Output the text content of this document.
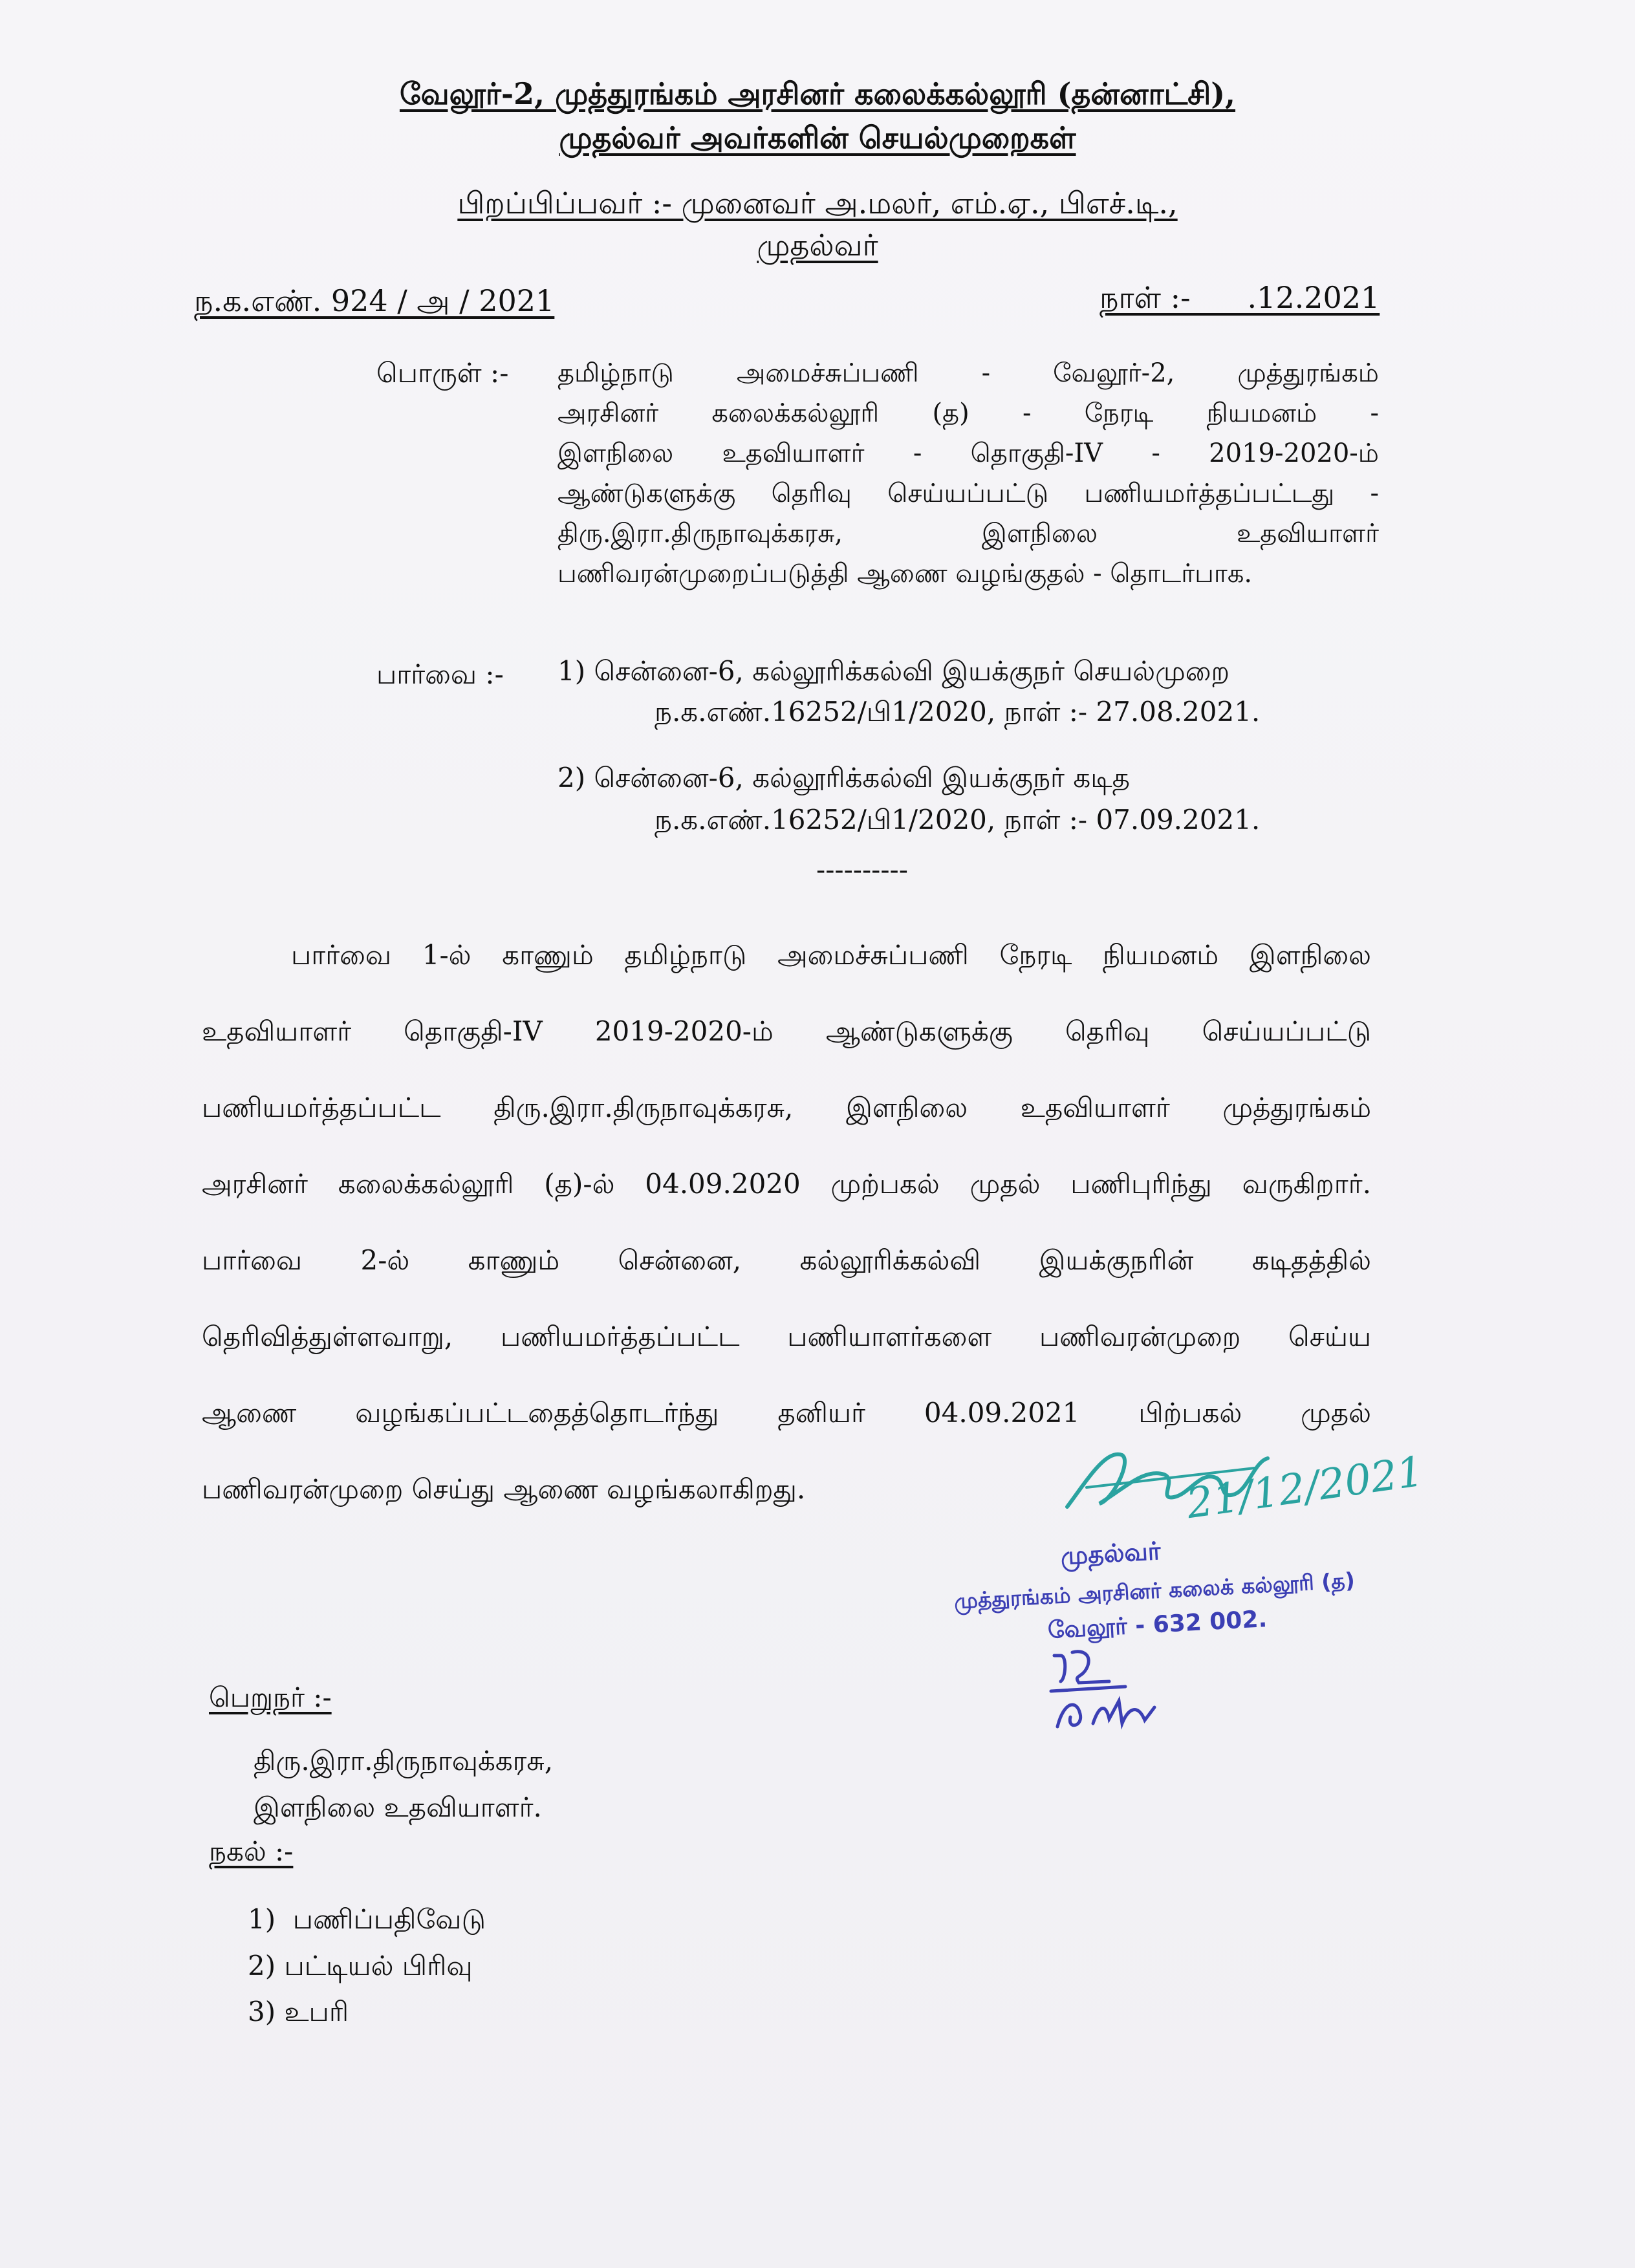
வேலூர்-2, முத்துரங்கம் அரசினர் கலைக்கல்லூரி (தன்னாட்சி),
முதல்வர் அவர்களின் செயல்முறைகள்
பிறப்பிப்பவர் :- முனைவர் அ.மலர், எம்.ஏ., பிஎச்.டி.,
முதல்வர்
ந.க.எண். 924 / அ / 2021	நாள் :-      .12.2021
பொருள் :- தமிழ்நாடு அமைச்சுப்பணி - வேலூர்-2, முத்துரங்கம்
அரசினர் கலைக்கல்லூரி (த) - நேரடி நியமனம் -
இளநிலை உதவியாளர் - தொகுதி-IV - 2019-2020-ம்
ஆண்டுகளுக்கு தெரிவு செய்யப்பட்டு பணியமர்த்தப்பட்டது -
திரு.இரா.திருநாவுக்கரசு, இளநிலை உதவியாளர்
பணிவரன்முறைப்படுத்தி ஆணை வழங்குதல் - தொடர்பாக.
பார்வை :- 1) சென்னை-6, கல்லூரிக்கல்வி இயக்குநர் செயல்முறை
ந.க.எண்.16252/பி1/2020, நாள் :- 27.08.2021.
2) சென்னை-6, கல்லூரிக்கல்வி இயக்குநர் கடித
ந.க.எண்.16252/பி1/2020, நாள் :- 07.09.2021.
----------
பார்வை 1-ல் காணும் தமிழ்நாடு அமைச்சுப்பணி நேரடி நியமனம் இளநிலை
உதவியாளர் தொகுதி-IV 2019-2020-ம் ஆண்டுகளுக்கு தெரிவு செய்யப்பட்டு
பணியமர்த்தப்பட்ட திரு.இரா.திருநாவுக்கரசு, இளநிலை உதவியாளர் முத்துரங்கம்
அரசினர் கலைக்கல்லூரி (த)-ல் 04.09.2020 முற்பகல் முதல் பணிபுரிந்து வருகிறார்.
பார்வை 2-ல் காணும் சென்னை, கல்லூரிக்கல்வி இயக்குநரின் கடிதத்தில்
தெரிவித்துள்ளவாறு, பணியமர்த்தப்பட்ட பணியாளர்களை பணிவரன்முறை செய்ய
ஆணை வழங்கப்பட்டதைத்தொடர்ந்து தனியர் 04.09.2021 பிற்பகல் முதல்
பணிவரன்முறை செய்து ஆணை வழங்கலாகிறது.	21/12/2021
முதல்வர்
முத்துரங்கம் அரசினர் கலைக் கல்லூரி (த)
வேலூர் - 632 002.
பெறுநர் :-
திரு.இரா.திருநாவுக்கரசு,
இளநிலை உதவியாளர்.
நகல் :-
1)  பணிப்பதிவேடு
2) பட்டியல் பிரிவு
3) உபரி
